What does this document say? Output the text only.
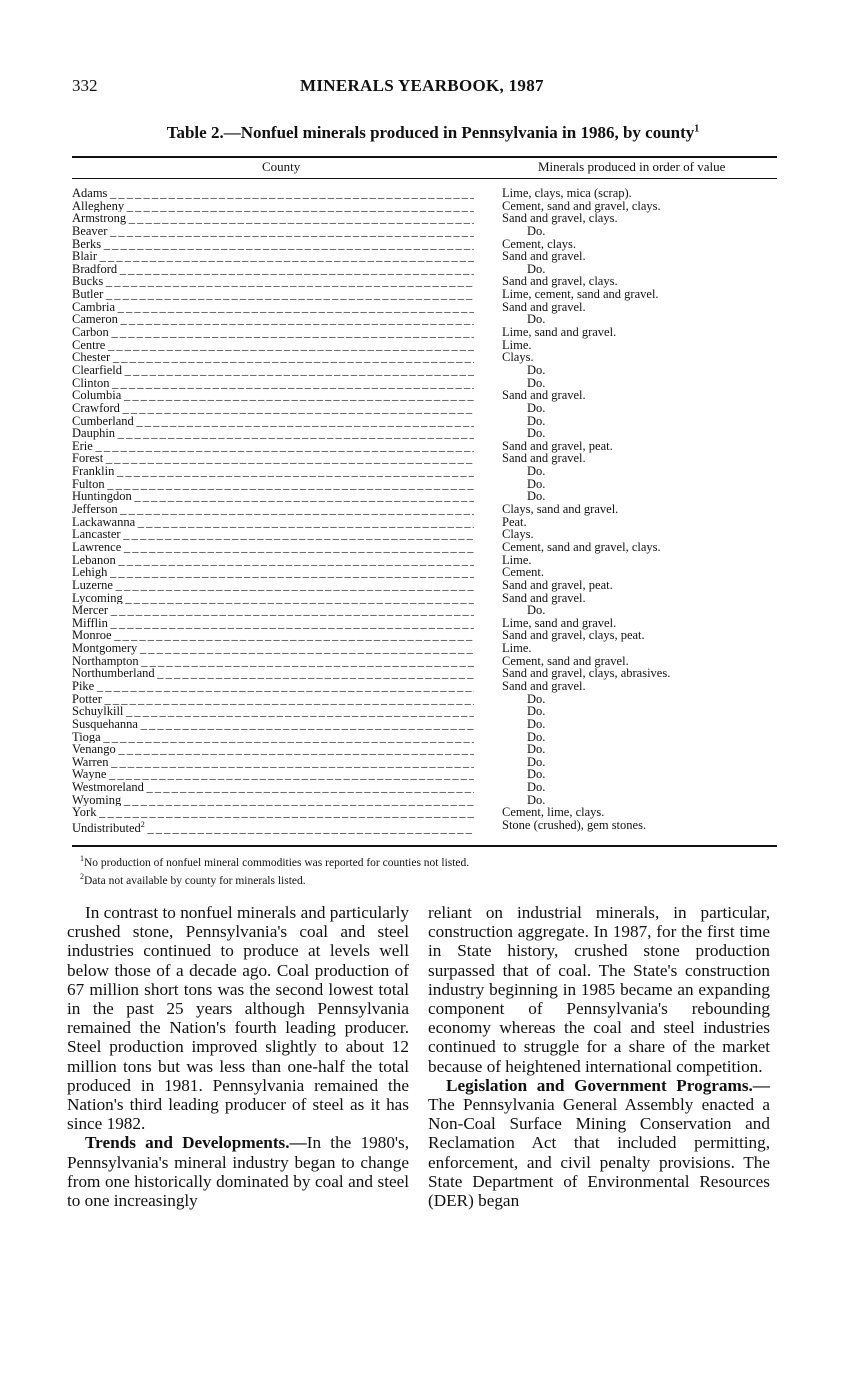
332	MINERALS YEARBOOK, 1987
Table 2.—Nonfuel minerals produced in Pennsylvania in 1986, by county$^1$
County	Minerals produced in order of value
Adams _ _ _	Lime, clays, mica (scrap).
Allegheny _ _ _	Cement, sand and gravel, clays.
Armstrong _ _ _	Sand and gravel, clays.
Beaver _ _ _	Do.
Berks _ _ _	Cement, clays.
Blair _ _ _	Sand and gravel.
Bradford _ _ _	Do.
Bucks _ _ _	Sand and gravel, clays.
Butler _ _ _	Lime, cement, sand and gravel.
Cambria _ _ _	Sand and gravel.
Cameron _ _ _	Do.
Carbon _ _ _	Lime, sand and gravel.
Centre _ _ _	Lime.
Chester _ _ _	Clays.
Clearfield _ _ _	Do.
Clinton _ _ _	Do.
Columbia _ _ _	Sand and gravel.
Crawford _ _ _	Do.
Cumberland _ _ _	Do.
Dauphin _ _ _	Do.
Erie _ _ _	Sand and gravel, peat.
Forest _ _ _	Sand and gravel.
Franklin _ _ _	Do.
Fulton _ _ _	Do.
Huntingdon _ _ _	Do.
Jefferson _ _ _	Clays, sand and gravel.
Lackawanna _ _ _	Peat.
Lancaster _ _ _	Clays.
Lawrence _ _ _	Cement, sand and gravel, clays.
Lebanon _ _ _	Lime.
Lehigh _ _ _	Cement.
Luzerne _ _ _	Sand and gravel, peat.
Lycoming _ _ _	Sand and gravel.
Mercer _ _ _	Do.
Mifflin _ _ _	Lime, sand and gravel.
Monroe _ _ _	Sand and gravel, clays, peat.
Montgomery _ _ _	Lime.
Northampton _ _ _	Cement, sand and gravel.
Northumberland _ _ _	Sand and gravel, clays, abrasives.
Pike _ _ _	Sand and gravel.
Potter _ _ _	Do.
Schuylkill _ _ _	Do.
Susquehanna _ _ _	Do.
Tioga _ _ _	Do.
Venango _ _ _	Do.
Warren _ _ _	Do.
Wayne _ _ _	Do.
Westmoreland _ _ _	Do.
Wyoming _ _ _	Do.
York _ _ _	Cement, lime, clays.
Undistributed$^2$ _ _ _	Stone (crushed), gem stones.
$^1$No production of nonfuel mineral commodities was reported for counties not listed.
$^2$Data not available by county for minerals listed.

In contrast to nonfuel minerals and particularly crushed stone, Pennsylvania's coal and steel industries continued to produce at levels well below those of a decade ago. Coal production of 67 million short tons was the second lowest total in the past 25 years although Pennsylvania remained the Nation's fourth leading producer. Steel production improved slightly to about 12 million tons but was less than one-half the total produced in 1981. Pennsylvania remained the Nation's third leading producer of steel as it has since 1982.

Trends and Developments.—In the 1980's, Pennsylvania's mineral industry began to change from one historically dominated by coal and steel to one increasingly

reliant on industrial minerals, in particular, construction aggregate. In 1987, for the first time in State history, crushed stone production surpassed that of coal. The State's construction industry beginning in 1985 became an expanding component of Pennsylvania's rebounding economy whereas the coal and steel industries continued to struggle for a share of the market because of heightened international competition.

Legislation and Government Programs.—The Pennsylvania General Assembly enacted a Non-Coal Surface Mining Conservation and Reclamation Act that included permitting, enforcement, and civil penalty provisions. The State Department of Environmental Resources (DER) began
